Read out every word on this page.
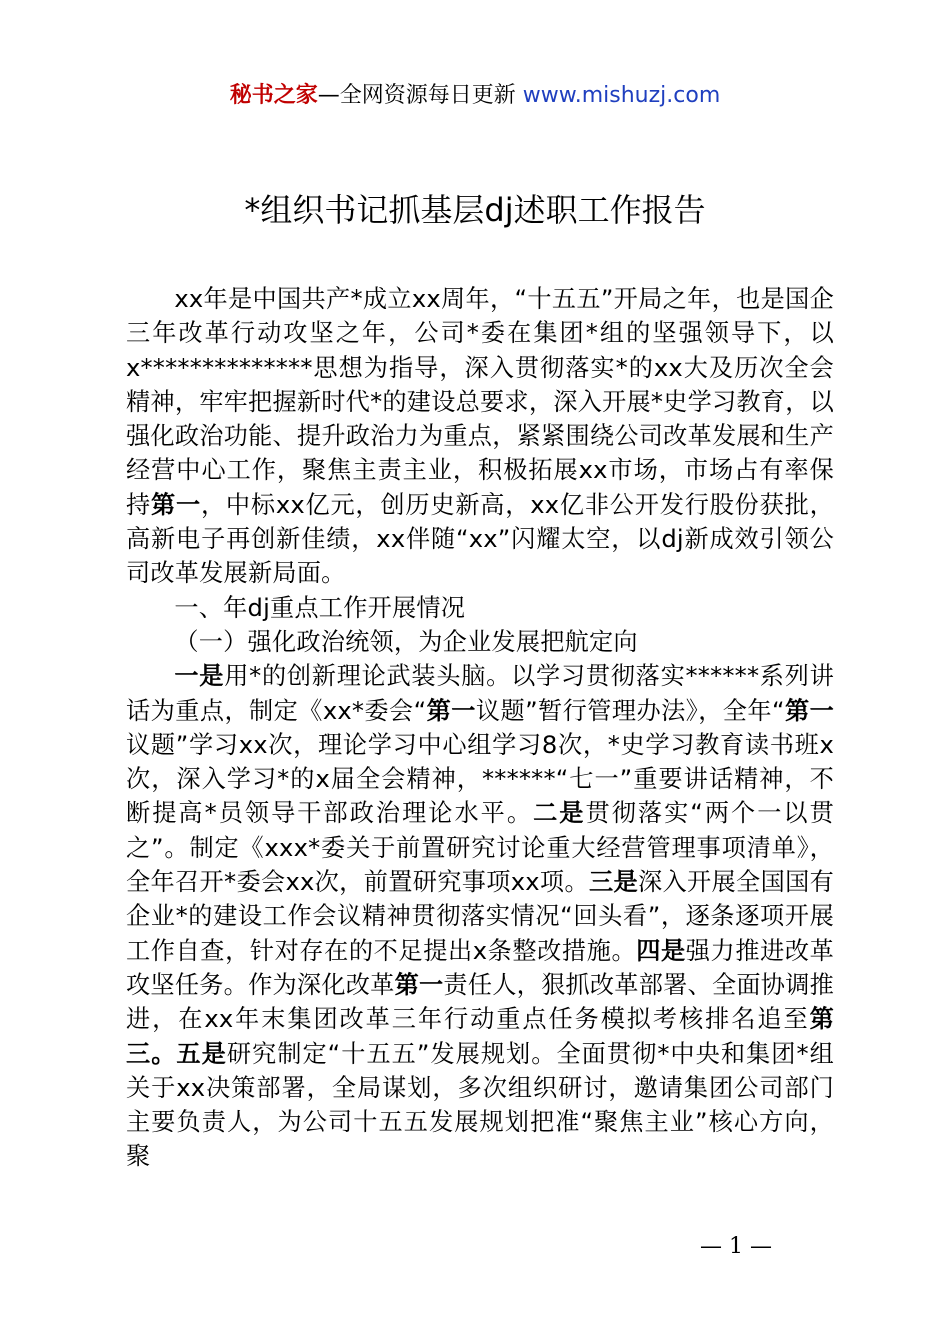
秘书之家—全网资源每日更新 www.mishuzj.com
*组织书记抓基层dj述职工作报告

xx年是中国共产*成立xx周年，“十五五”开局之年，也是国企三年改革行动攻坚之年，公司*委在集团*组的坚强领导下，以x**************思想为指导，深入贯彻落实*的xx大及历次全会精神，牢牢把握新时代*的建设总要求，深入开展*史学习教育，以强化政治功能、提升政治力为重点，紧紧围绕公司改革发展和生产经营中心工作，聚焦主责主业，积极拓展xx市场，市场占有率保持第一，中标xx亿元，创历史新高，xx亿非公开发行股份获批，高新电子再创新佳绩，xx伴随“xx”闪耀太空，以dj新成效引领公司改革发展新局面。

一、年dj重点工作开展情况

（一）强化政治统领，为企业发展把航定向

一是用*的创新理论武装头脑。以学习贯彻落实******系列讲话为重点，制定《xx*委会“第一议题”暂行管理办法》，全年“第一议题”学习xx次，理论学习中心组学习8次，*史学习教育读书班x次，深入学习*的x届全会精神，******“七一”重要讲话精神，不断提高*员领导干部政治理论水平。二是贯彻落实“两个一以贯之”。制定《xxx*委关于前置研究讨论重大经营管理事项清单》，全年召开*委会xx次，前置研究事项xx项。三是深入开展全国国有企业*的建设工作会议精神贯彻落实情况“回头看”，逐条逐项开展工作自查，针对存在的不足提出x条整改措施。四是强力推进改革攻坚任务。作为深化改革第一责任人，狠抓改革部署、全面协调推进，在xx年末集团改革三年行动重点任务模拟考核排名追至第三。五是研究制定“十五五”发展规划。全面贯彻*中央和集团*组关于xx决策部署，全局谋划，多次组织研讨，邀请集团公司部门主要负责人，为公司十五五发展规划把准“聚焦主业”核心方向，聚

— 1 —
